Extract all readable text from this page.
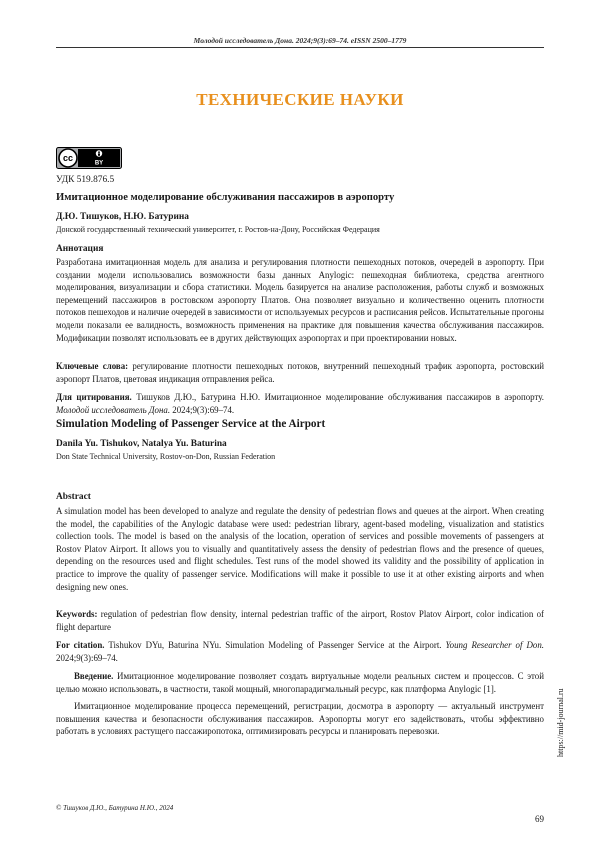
Молодой исследователь Дона. 2024;9(3):69–74. eISSN 2500–1779
ТЕХНИЧЕСКИЕ НАУКИ
cc
BY
УДК 519.876.5
Имитационное моделирование обслуживания пассажиров в аэропорту
Д.Ю. Тишуков, Н.Ю. Батурина
Донской государственный технический университет, г. Ростов-на-Дону, Российская Федерация
Аннотация
Разработана имитационная модель для анализа и регулирования плотности пешеходных потоков, очередей в аэропорту. При создании модели использовались возможности базы данных Anylogic: пешеходная библиотека, средства агентного моделирования, визуализации и сбора статистики. Модель базируется на анализе расположения, работы служб и возможных перемещений пассажиров в ростовском аэропорту Платов. Она позволяет визуально и количественно оценить плотности потоков пешеходов и наличие очередей в зависимости от используемых ресурсов и расписания рейсов. Испытательные прогоны модели показали ее валидность, возможность применения на практике для повышения качества обслуживания пассажиров. Модификации позволят использовать ее в других действующих аэропортах и при проектировании новых.
Ключевые слова: регулирование плотности пешеходных потоков, внутренний пешеходный трафик аэропорта, ростовский аэропорт Платов, цветовая индикация отправления рейса.
Для цитирования. Тишуков Д.Ю., Батурина Н.Ю. Имитационное моделирование обслуживания пассажиров в аэропорту. Молодой исследователь Дона. 2024;9(3):69–74.
Simulation Modeling of Passenger Service at the Airport
Danila Yu. Tishukov, Natalya Yu. Baturina
Don State Technical University, Rostov-on-Don, Russian Federation
Abstract
A simulation model has been developed to analyze and regulate the density of pedestrian flows and queues at the airport. When creating the model, the capabilities of the Anylogic database were used: pedestrian library, agent-based modeling, visualization and statistics collection tools. The model is based on the analysis of the location, operation of services and possible movements of passengers at Rostov Platov Airport. It allows you to visually and quantitatively assess the density of pedestrian flows and the presence of queues, depending on the resources used and flight schedules. Test runs of the model showed its validity and the possibility of application in practice to improve the quality of passenger service. Modifications will make it possible to use it at other existing airports and when designing new ones.
Keywords: regulation of pedestrian flow density, internal pedestrian traffic of the airport, Rostov Platov Airport, color indication of flight departure
For citation. Tishukov DYu, Baturina NYu. Simulation Modeling of Passenger Service at the Airport. Young Researcher of Don. 2024;9(3):69–74.

Введение. Имитационное моделирование позволяет создать виртуальные модели реальных систем и процессов. С этой целью можно использовать, в частности, такой мощный, многопарадигмальный ресурс, как платформа Anylogic [1].

Имитационное моделирование процесса перемещений, регистрации, досмотра в аэропорту — актуальный инструмент повышения качества и безопасности обслуживания пассажиров. Аэропорты могут его задействовать, чтобы эффективно работать в условиях растущего пассажиропотока, оптимизировать ресурсы и планировать перевозки.	https://mid-journal.ru
© Тишуков Д.Ю., Батурина Н.Ю., 2024
69
